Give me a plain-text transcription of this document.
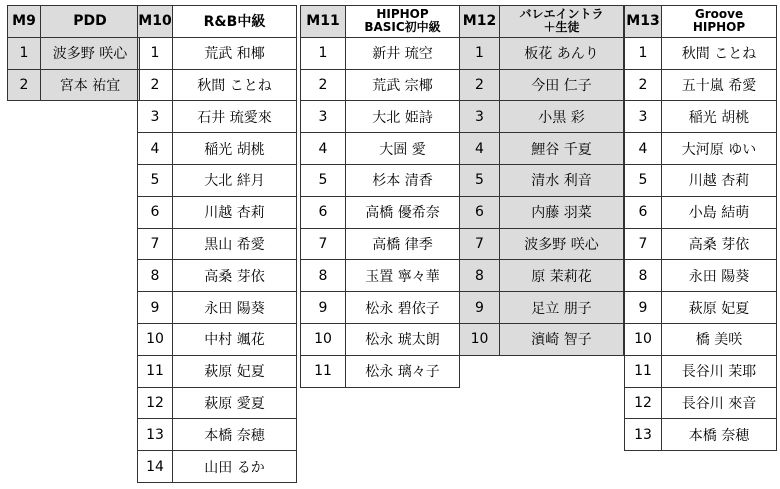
M9	PDD

1	波多野 咲心
2	宮本 祐宜
M10	R&B中級

1	荒武 和椰
2	秋間 ことね
3	石井 琉愛來
4	稲光 胡桃
5	大北 絆月
6	川越 杏莉
7	黒山 希愛
8	高桑 芽依
9	永田 陽葵
10	中村 颯花
11	萩原 妃夏
12	萩原 愛夏
13	本橋 奈穂
14	山田 るか
M11	HIPHOP
BASIC初中級

1	新井 琉空
2	荒武 宗椰
3	大北 姫詩
4	大圄 愛
5	杉本 清香
6	高橋 優希奈
7	高橋 律季
8	玉置 寧々華
9	松永 碧依子
10	松永 琥太朗
11	松永 璃々子
M12	バレエイントラ
＋生徒

1	板花 あんり
2	今田 仁子
3	小黒 彩
4	鯉谷 千夏
5	清水 利音
6	内藤 羽菜
7	波多野 咲心
8	原 茉莉花
9	足立 朋子
10	濱崎 智子
M13	Groove
HIPHOP

1	秋間 ことね
2	五十嵐 希愛
3	稲光 胡桃
4	大河原 ゆい
5	川越 杏莉
6	小島 結萌
7	高桑 芽依
8	永田 陽葵
9	萩原 妃夏
10	橋 美咲
11	長谷川 茉耶
12	長谷川 來音
13	本橋 奈穂
